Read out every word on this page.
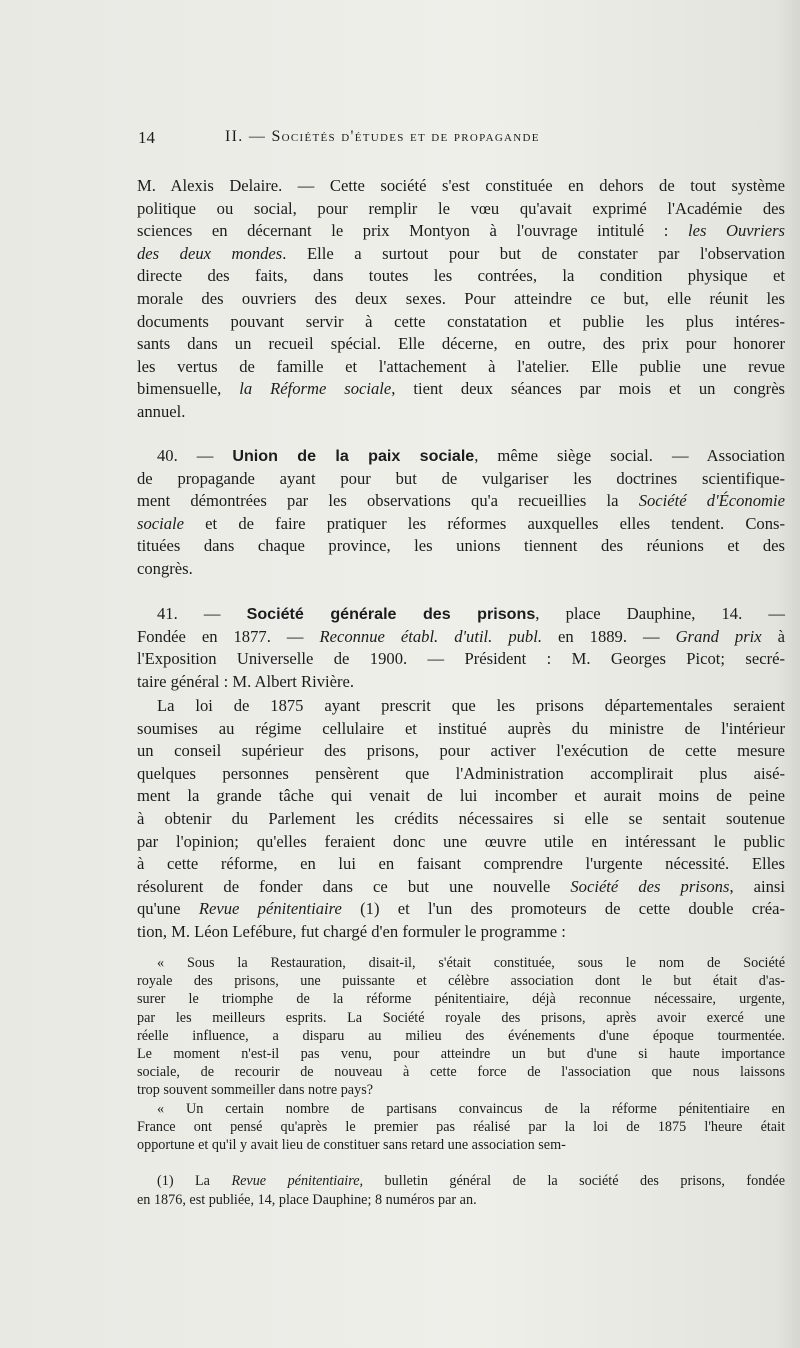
14	II. — Sociétés d'études et de propagande
M. Alexis Delaire. — Cette société s'est constituée en dehors de tout système
politique ou social, pour remplir le vœu qu'avait exprimé l'Académie des
sciences en décernant le prix Montyon à l'ouvrage intitulé : les Ouvriers
des deux mondes. Elle a surtout pour but de constater par l'observation
directe des faits, dans toutes les contrées, la condition physique et
morale des ouvriers des deux sexes. Pour atteindre ce but, elle réunit les
documents pouvant servir à cette constatation et publie les plus intéres-
sants dans un recueil spécial. Elle décerne, en outre, des prix pour honorer
les vertus de famille et l'attachement à l'atelier. Elle publie une revue
bimensuelle, la Réforme sociale, tient deux séances par mois et un congrès
annuel.
40. — Union de la paix sociale, même siège social. — Association
de propagande ayant pour but de vulgariser les doctrines scientifique-
ment démontrées par les observations qu'a recueillies la Société d'Économie
sociale et de faire pratiquer les réformes auxquelles elles tendent. Cons-
tituées dans chaque province, les unions tiennent des réunions et des
congrès.
41. — Société générale des prisons, place Dauphine, 14. —
Fondée en 1877. — Reconnue établ. d'util. publ. en 1889. — Grand prix à
l'Exposition Universelle de 1900. — Président : M. Georges Picot; secré-
taire général : M. Albert Rivière.
La loi de 1875 ayant prescrit que les prisons départementales seraient
soumises au régime cellulaire et institué auprès du ministre de l'intérieur
un conseil supérieur des prisons, pour activer l'exécution de cette mesure
quelques personnes pensèrent que l'Administration accomplirait plus aisé-
ment la grande tâche qui venait de lui incomber et aurait moins de peine
à obtenir du Parlement les crédits nécessaires si elle se sentait soutenue
par l'opinion; qu'elles feraient donc une œuvre utile en intéressant le public
à cette réforme, en lui en faisant comprendre l'urgente nécessité. Elles
résolurent de fonder dans ce but une nouvelle Société des prisons, ainsi
qu'une Revue pénitentiaire (1) et l'un des promoteurs de cette double créa-
tion, M. Léon Lefébure, fut chargé d'en formuler le programme :
« Sous la Restauration, disait-il, s'était constituée, sous le nom de Société
royale des prisons, une puissante et célèbre association dont le but était d'as-
surer le triomphe de la réforme pénitentiaire, déjà reconnue nécessaire, urgente,
par les meilleurs esprits. La Société royale des prisons, après avoir exercé une
réelle influence, a disparu au milieu des événements d'une époque tourmentée.
Le moment n'est-il pas venu, pour atteindre un but d'une si haute importance
sociale, de recourir de nouveau à cette force de l'association que nous laissons
trop souvent sommeiller dans notre pays?
« Un certain nombre de partisans convaincus de la réforme pénitentiaire en
France ont pensé qu'après le premier pas réalisé par la loi de 1875 l'heure était
opportune et qu'il y avait lieu de constituer sans retard une association sem-
(1) La Revue pénitentiaire, bulletin général de la société des prisons, fondée
en 1876, est publiée, 14, place Dauphine; 8 numéros par an.
